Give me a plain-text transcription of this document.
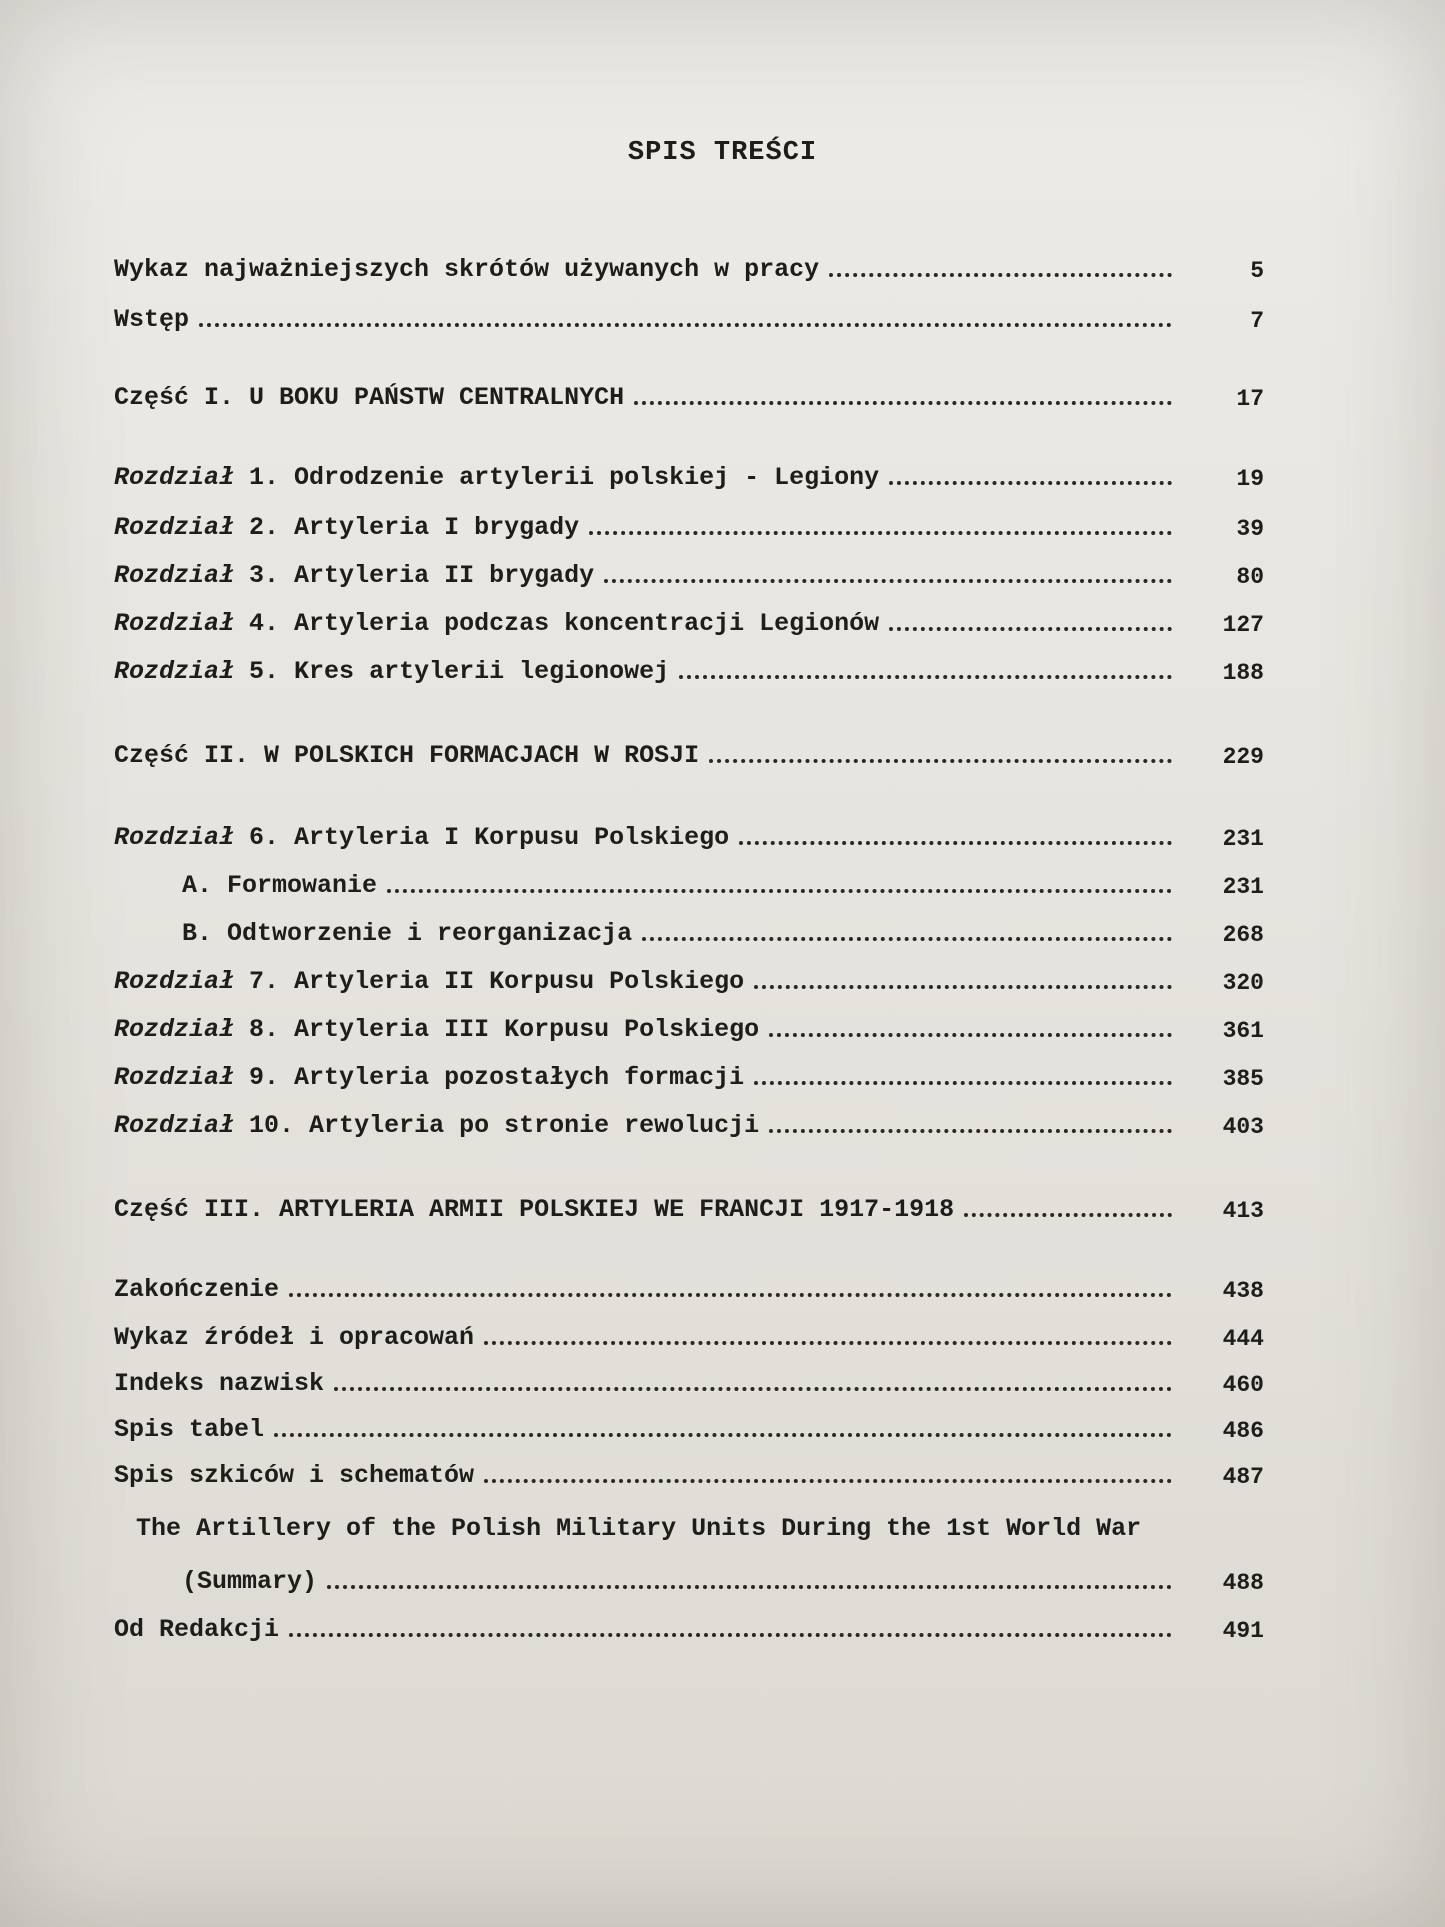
SPIS TREŚCI
Wykaz najważniejszych skrótów używanych w pracy	5
Wstęp	7
Część I. U BOKU PAŃSTW CENTRALNYCH	17
Rozdział 1. Odrodzenie artylerii polskiej - Legiony	19
Rozdział 2. Artyleria I brygady	39
Rozdział 3. Artyleria II brygady	80
Rozdział 4. Artyleria podczas koncentracji Legionów	127
Rozdział 5. Kres artylerii legionowej	188
Część II. W POLSKICH FORMACJACH W ROSJI	229
Rozdział 6. Artyleria I Korpusu Polskiego	231
A. Formowanie	231
B. Odtworzenie i reorganizacja	268
Rozdział 7. Artyleria II Korpusu Polskiego	320
Rozdział 8. Artyleria III Korpusu Polskiego	361
Rozdział 9. Artyleria pozostałych formacji	385
Rozdział 10. Artyleria po stronie rewolucji	403
Część III. ARTYLERIA ARMII POLSKIEJ WE FRANCJI 1917-1918	413
Zakończenie	438
Wykaz źródeł i opracowań	444
Indeks nazwisk	460
Spis tabel	486
Spis szkiców i schematów	487
The Artillery of the Polish Military Units During the 1st World War
(Summary)	488
Od Redakcji	491
